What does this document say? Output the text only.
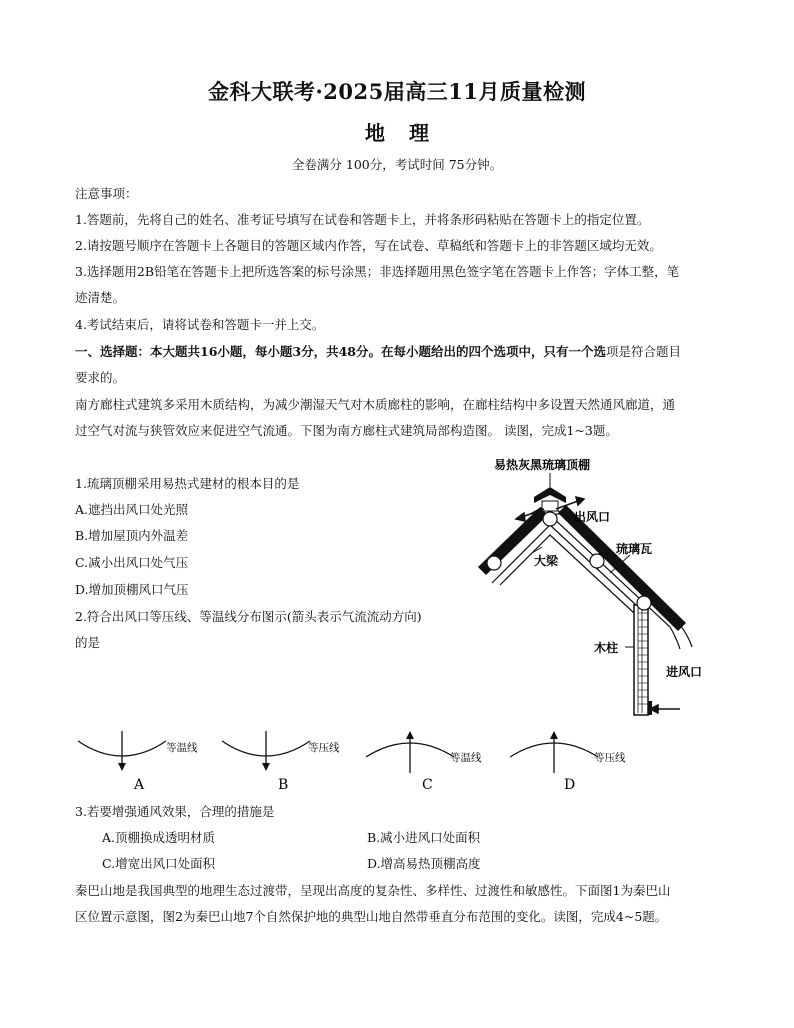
金科大联考·2025届高三11月质量检测
地理
全卷满分 100分，考试时间 75分钟。
注意事项：
1.答题前，先将自己的姓名、准考证号填写在试卷和答题卡上，并将条形码粘贴在答题卡上的指定位置。
2.请按题号顺序在答题卡上各题目的答题区域内作答，写在试卷、草稿纸和答题卡上的非答题区域均无效。
3.选择题用2B铅笔在答题卡上把所选答案的标号涂黑；非选择题用黑色签字笔在答题卡上作答；字体工整，笔
迹清楚。
4.考试结束后，请将试卷和答题卡一并上交。
一、选择题：本大题共16小题，每小题3分，共48分。在每小题给出的四个选项中，只有一个选项是符合题目
要求的。
南方廊柱式建筑多采用木质结构，为减少潮湿天气对木质廊柱的影响，在廊柱结构中多设置天然通风廊道，通
过空气对流与狭管效应来促进空气流通。下图为南方廊柱式建筑局部构造图。 读图，完成1~3题。
1.琉璃顶棚采用易热式建材的根本目的是
A.遮挡出风口处光照
B.增加屋顶内外温差
C.减小出风口处气压
D.增加顶棚风口气压
2.符合出风口等压线、等温线分布图示(箭头表示气流流动方向)
的是
易热灰黑琉璃顶棚
出风口
琉璃瓦
大梁
木柱
进风口
等温线
A
等压线
B
等温线
C
等压线
D
3.若要增强通风效果，合理的措施是
A.顶棚换成透明材质	B.减小进风口处面积
C.增宽出风口处面积	D.增高易热顶棚高度
秦巴山地是我国典型的地理生态过渡带，呈现出高度的复杂性、多样性、过渡性和敏感性。下面图1为秦巴山
区位置示意图，图2为秦巴山地7个自然保护地的典型山地自然带垂直分布范围的变化。读图，完成4~5题。
